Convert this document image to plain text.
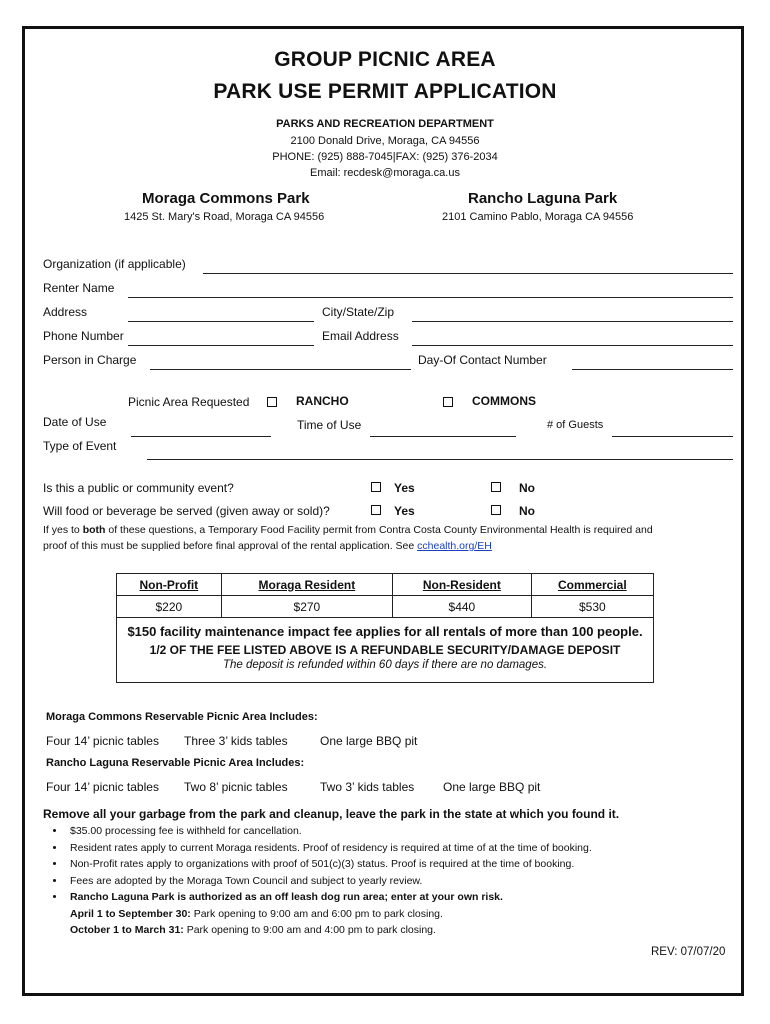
GROUP PICNIC AREA
PARK USE PERMIT APPLICATION
PARKS AND RECREATION DEPARTMENT
2100 Donald Drive, Moraga, CA 94556
PHONE: (925) 888-7045|FAX: (925) 376-2034
Email: recdesk@moraga.ca.us
Moraga Commons Park
1425 St. Mary's Road, Moraga CA 94556
Rancho Laguna Park
2101 Camino Pablo, Moraga CA 94556
Organization (if applicable)
Renter Name
Address	City/State/Zip
Phone Number	Email Address
Person in Charge	Day-Of Contact Number
Picnic Area Requested	RANCHO	COMMONS
Date of Use	Time of Use	# of Guests
Type of Event
Is this a public or community event?	Yes	No
Will food or beverage be served (given away or sold)?	Yes	No
If yes to both of these questions, a Temporary Food Facility permit from Contra Costa County Environmental Health is required and
proof of this must be supplied before final approval of the rental application. See cchealth.org/EH
Non-Profit	Moraga Resident	Non-Resident	Commercial
$220	$270	$440	$530
$150 facility maintenance impact fee applies for all rentals of more than 100 people.
1/2 OF THE FEE LISTED ABOVE IS A REFUNDABLE SECURITY/DAMAGE DEPOSIT
The deposit is refunded within 60 days if there are no damages.
Moraga Commons Reservable Picnic Area Includes:
Four 14’ picnic tables Three 3’ kids tables	One large BBQ pit
Rancho Laguna Reservable Picnic Area Includes:
Four 14’ picnic tables Two 8’ picnic tables	Two 3’ kids tables One large BBQ pit
Remove all your garbage from the park and cleanup, leave the park in the state at which you found it.
• $35.00 processing fee is withheld for cancellation.
• Resident rates apply to current Moraga residents. Proof of residency is required at time of at the time of booking.
• Non-Profit rates apply to organizations with proof of 501(c)(3) status. Proof is required at the time of booking.
• Fees are adopted by the Moraga Town Council and subject to yearly review.
• Rancho Laguna Park is authorized as an off leash dog run area; enter at your own risk.
April 1 to September 30: Park opening to 9:00 am and 6:00 pm to park closing.
October 1 to March 31: Park opening to 9:00 am and 4:00 pm to park closing.
REV: 07/07/20
